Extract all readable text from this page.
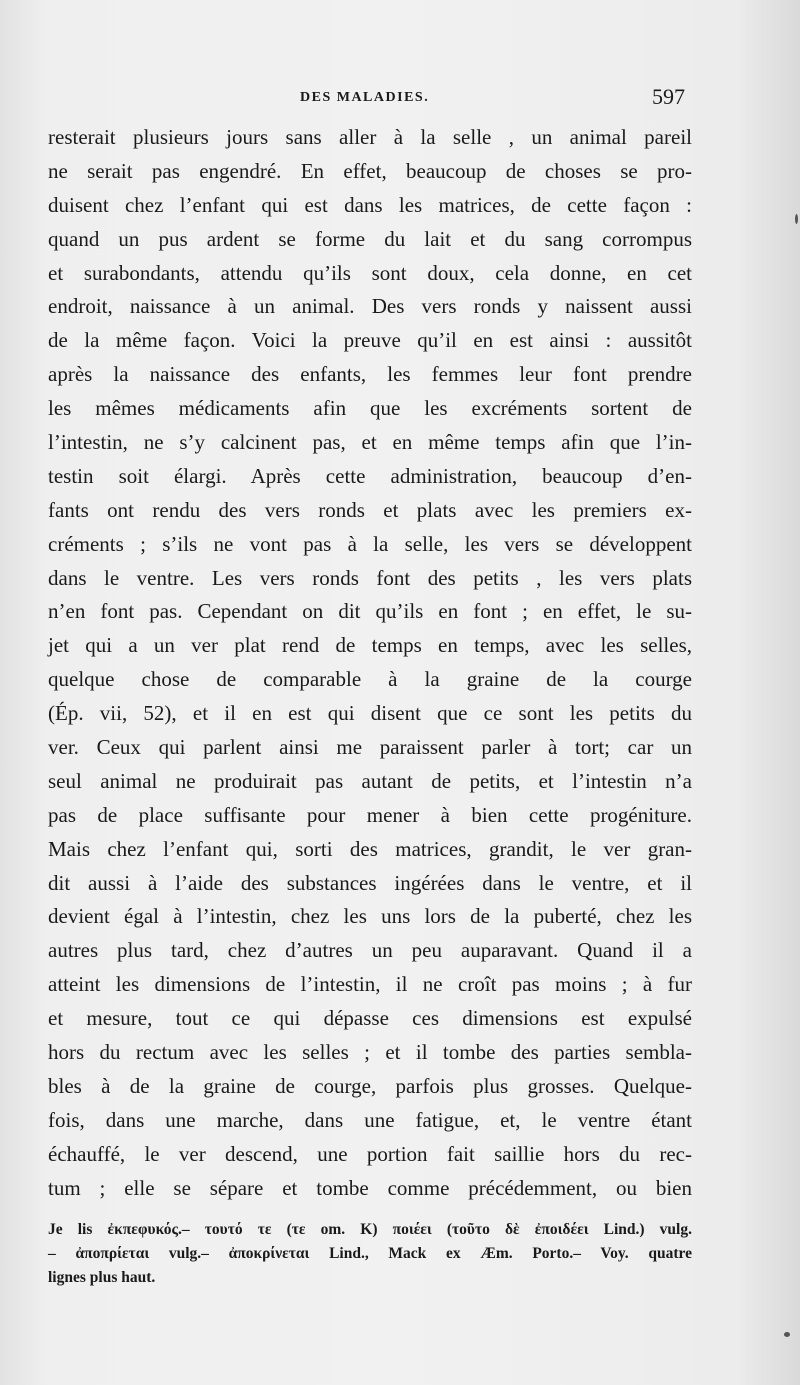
DES MALADIES.	597
resterait plusieurs jours sans aller à la selle , un animal pareil
ne serait pas engendré. En effet, beaucoup de choses se pro-
duisent chez l’enfant qui est dans les matrices, de cette façon :
quand un pus ardent se forme du lait et du sang corrompus
et surabondants, attendu qu’ils sont doux, cela donne, en cet
endroit, naissance à un animal. Des vers ronds y naissent aussi
de la même façon. Voici la preuve qu’il en est ainsi : aussitôt
après la naissance des enfants, les femmes leur font prendre
les mêmes médicaments afin que les excréments sortent de
l’intestin, ne s’y calcinent pas, et en même temps afin que l’in-
testin soit élargi. Après cette administration, beaucoup d’en-
fants ont rendu des vers ronds et plats avec les premiers ex-
créments ; s’ils ne vont pas à la selle, les vers se développent
dans le ventre. Les vers ronds font des petits , les vers plats
n’en font pas. Cependant on dit qu’ils en font ; en effet, le su-
jet qui a un ver plat rend de temps en temps, avec les selles,
quelque chose de comparable à la graine de la courge
(Ép. vii, 52), et il en est qui disent que ce sont les petits du
ver. Ceux qui parlent ainsi me paraissent parler à tort; car un
seul animal ne produirait pas autant de petits, et l’intestin n’a
pas de place suffisante pour mener à bien cette progéniture.
Mais chez l’enfant qui, sorti des matrices, grandit, le ver gran-
dit aussi à l’aide des substances ingérées dans le ventre, et il
devient égal à l’intestin, chez les uns lors de la puberté, chez les
autres plus tard, chez d’autres un peu auparavant. Quand il a
atteint les dimensions de l’intestin, il ne croît pas moins ; à fur
et mesure, tout ce qui dépasse ces dimensions est expulsé
hors du rectum avec les selles ; et il tombe des parties sembla-
bles à de la graine de courge, parfois plus grosses. Quelque-
fois, dans une marche, dans une fatigue, et, le ventre étant
échauffé, le ver descend, une portion fait saillie hors du rec-
tum ; elle se sépare et tombe comme précédemment, ou bien
Je lis ἐκπεφυκός.– τουτό τε (τε om. K) ποιέει (τοῦτο δὲ ἐποιδέει Lind.) vulg.
– ἀποπρίεται vulg.– ἀποκρίνεται Lind., Mack ex Æm. Porto.– Voy. quatre
lignes plus haut.
